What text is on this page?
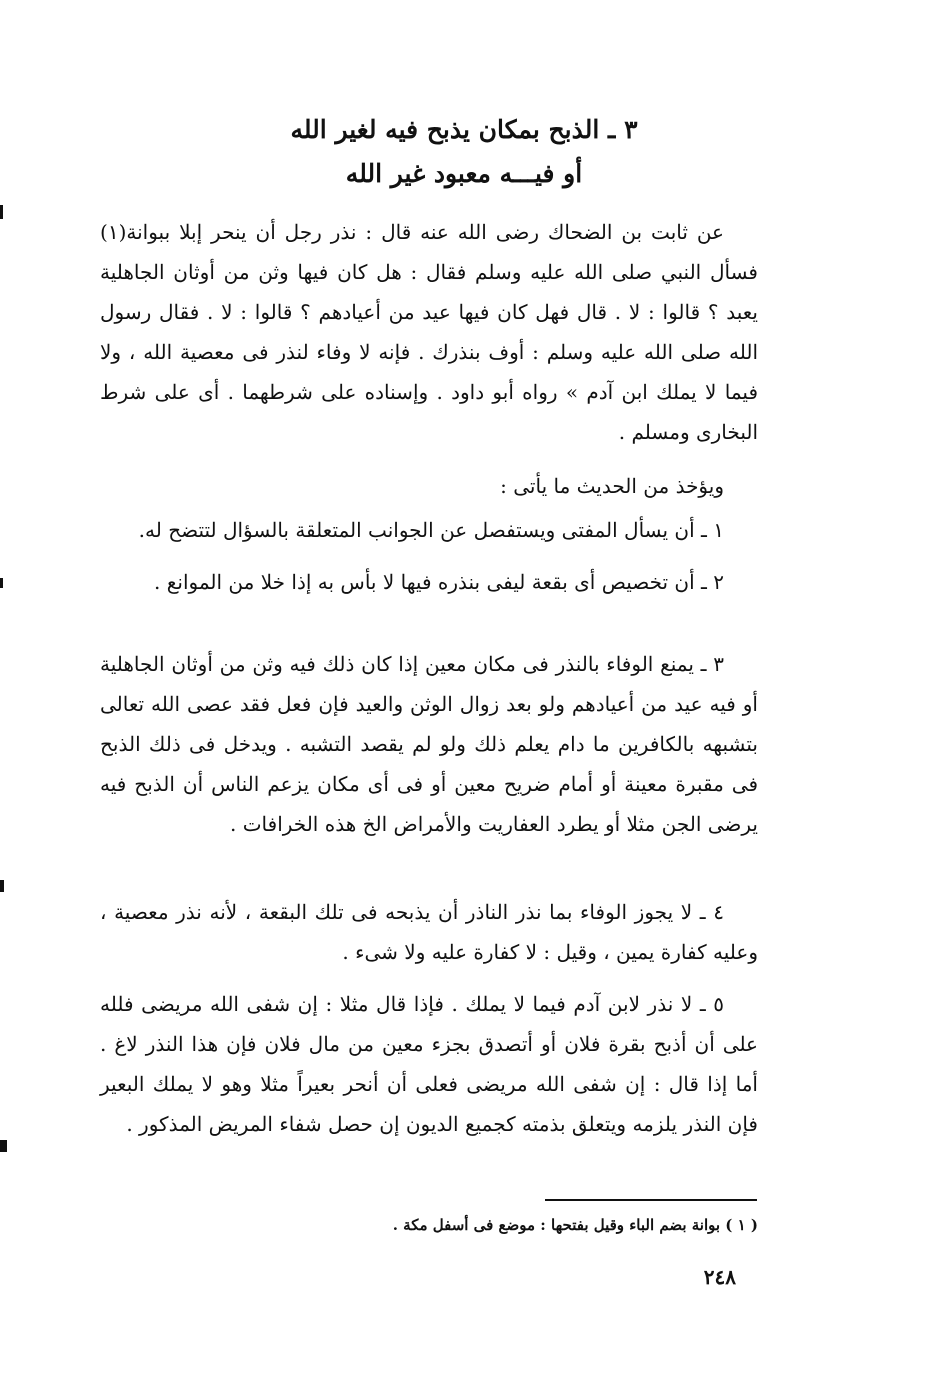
٣ ـ الذبح بمكان يذبح فيه لغير الله
أو فيـــه معبود غير الله

عن ثابت بن الضحاك رضى الله عنه قال : نذر رجل أن ينحر إبلا ببوانة(١) فسأل النبي صلى الله عليه وسلم فقال : هل كان فيها وثن من أوثان الجاهلية يعبد ؟ قالوا : لا . قال فهل كان فيها عيد من أعيادهم ؟ قالوا : لا . فقال رسول الله صلى الله عليه وسلم : أوف بنذرك . فإنه لا وفاء لنذر فى معصية الله ، ولا فيما لا يملك ابن آدم » رواه أبو داود . وإسناده على شرطهما . أى على شرط البخارى ومسلم .

ويؤخذ من الحديث ما يأتى :

١ ـ أن يسأل المفتى ويستفصل عن الجوانب المتعلقة بالسؤال لتتضح له.

٢ ـ أن تخصيص أى بقعة ليفى بنذره فيها لا بأس به إذا خلا من الموانع .

٣ ـ يمنع الوفاء بالنذر فى مكان معين إذا كان ذلك فيه وثن من أوثان الجاهلية أو فيه عيد من أعيادهم ولو بعد زوال الوثن والعيد فإن فعل فقد عصى الله تعالى بتشبهه بالكافرين ما دام يعلم ذلك ولو لم يقصد التشبه . ويدخل فى ذلك الذبح فى مقبرة معينة أو أمام ضريح معين أو فى أى مكان يزعم الناس أن الذبح فيه يرضى الجن مثلا أو يطرد العفاريت والأمراض الخ هذه الخرافات .

٤ ـ لا يجوز الوفاء بما نذر الناذر أن يذبحه فى تلك البقعة ، لأنه نذر معصية ، وعليه كفارة يمين ، وقيل : لا كفارة عليه ولا شىء .

٥ ـ لا نذر لابن آدم فيما لا يملك . فإذا قال مثلا : إن شفى الله مريضى فلله على أن أذبح بقرة فلان أو أتصدق بجزء معين من مال فلان فإن هذا النذر لاغ . أما إذا قال : إن شفى الله مريضى فعلى أن أنحر بعيراً مثلا وهو لا يملك البعير فإن النذر يلزمه ويتعلق بذمته كجميع الديون إن حصل شفاء المريض المذكور .

( ١ ) بوانة بضم الباء وقيل بفتحها : موضع فى أسفل مكة .
٢٤٨
